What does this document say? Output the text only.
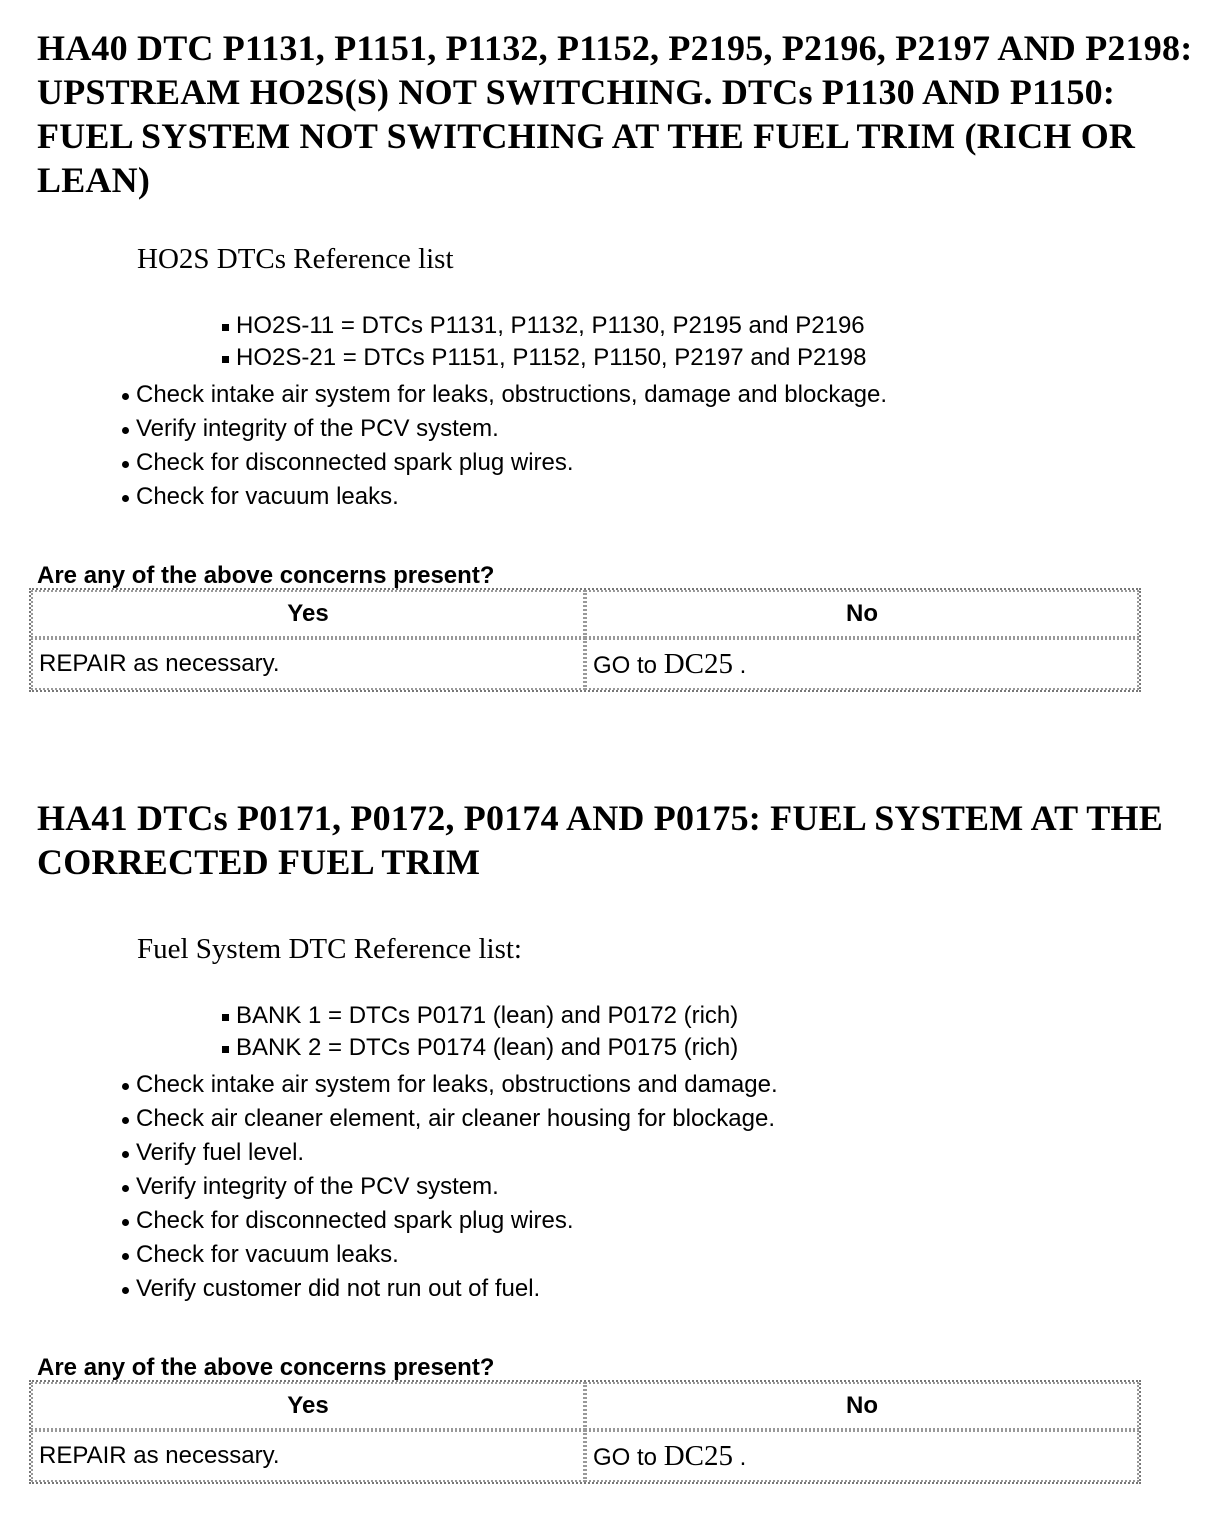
HA40 DTC P1131, P1151, P1132, P1152, P2195, P2196, P2197 AND P2198: UPSTREAM HO2S(S) NOT SWITCHING. DTCs P1130 AND P1150: FUEL SYSTEM NOT SWITCHING AT THE FUEL TRIM (RICH OR LEAN)
HO2S DTCs Reference list
HO2S-11 = DTCs P1131, P1132, P1130, P2195 and P2196
HO2S-21 = DTCs P1151, P1152, P1150, P2197 and P2198
Check intake air system for leaks, obstructions, damage and blockage.
Verify integrity of the PCV system.
Check for disconnected spark plug wires.
Check for vacuum leaks.
Are any of the above concerns present?
Yes	No
REPAIR as necessary.	GO to DC25 .
HA41 DTCs P0171, P0172, P0174 AND P0175: FUEL SYSTEM AT THE CORRECTED FUEL TRIM
Fuel System DTC Reference list:
BANK 1 = DTCs P0171 (lean) and P0172 (rich)
BANK 2 = DTCs P0174 (lean) and P0175 (rich)
Check intake air system for leaks, obstructions and damage.
Check air cleaner element, air cleaner housing for blockage.
Verify fuel level.
Verify integrity of the PCV system.
Check for disconnected spark plug wires.
Check for vacuum leaks.
Verify customer did not run out of fuel.
Are any of the above concerns present?
Yes	No
REPAIR as necessary.	GO to DC25 .
